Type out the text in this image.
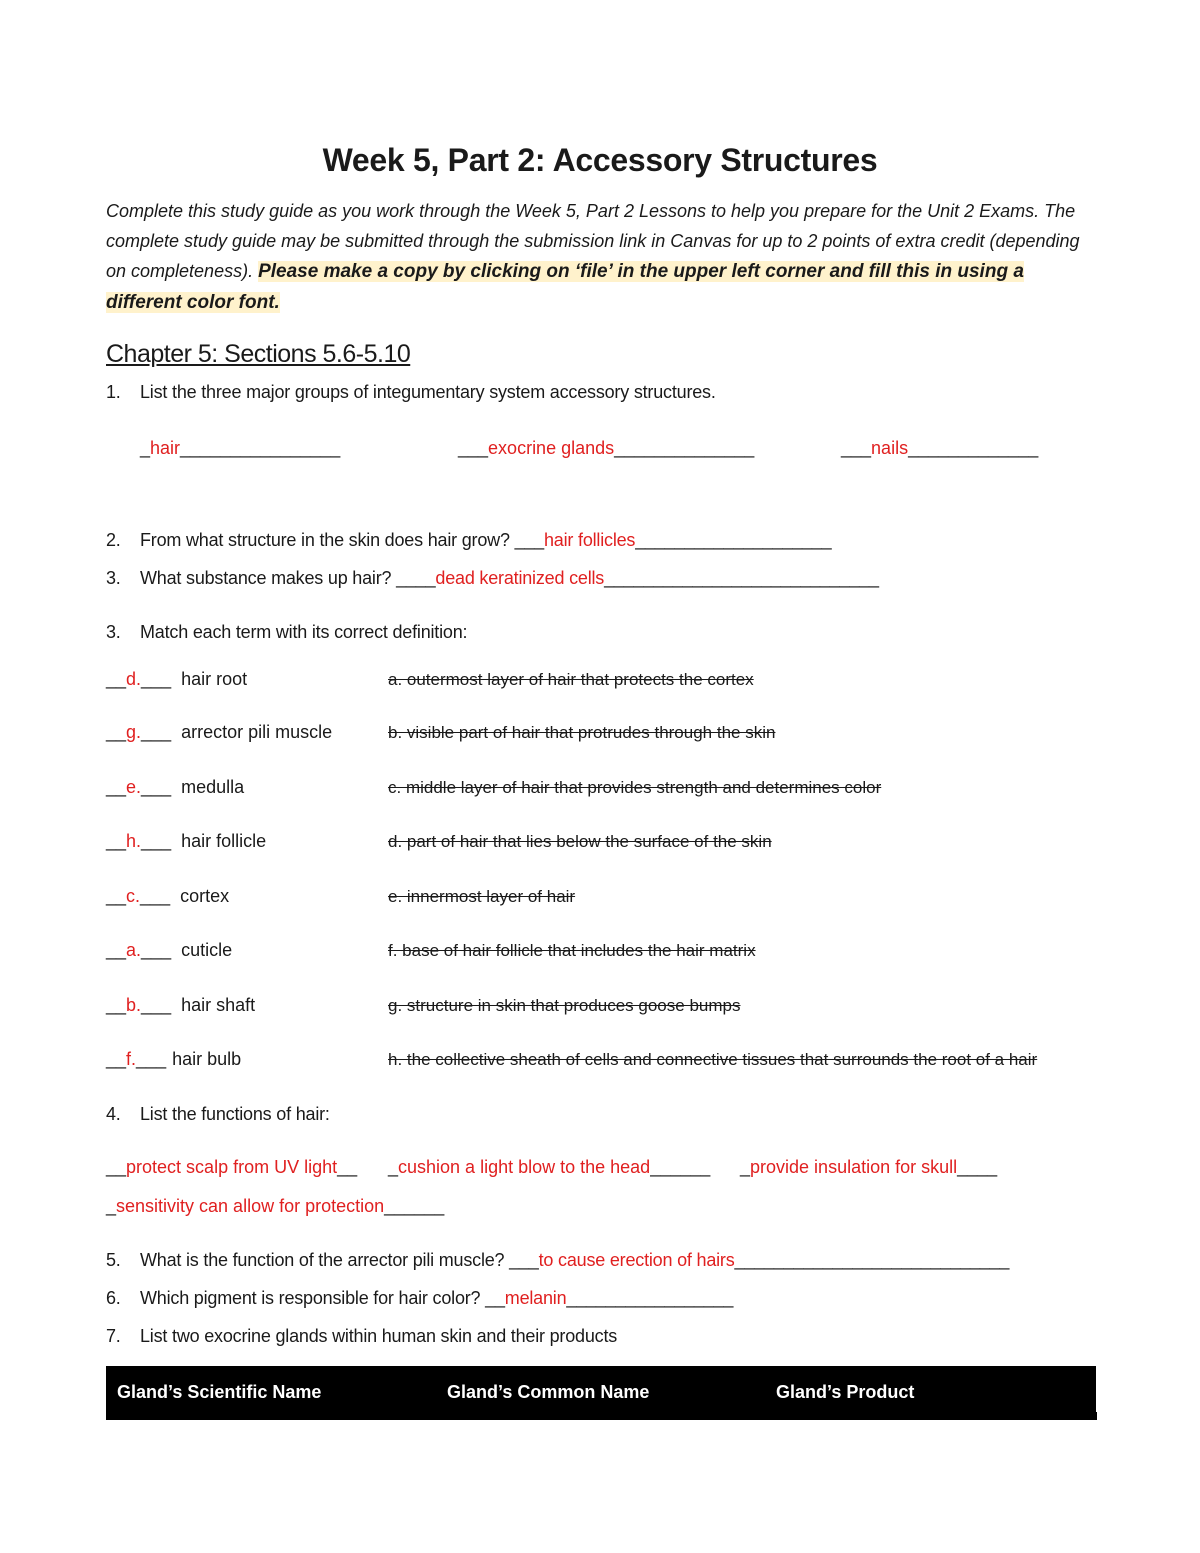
Week 5, Part 2: Accessory Structures
Complete this study guide as you work through the Week 5, Part 2 Lessons to help you prepare for the Unit 2 Exams. The complete study guide may be submitted through the submission link in Canvas for up to 2 points of extra credit (depending on completeness). Please make a copy by clicking on ‘file’ in the upper left corner and fill this in using a different color font.
Chapter 5: Sections 5.6-5.10
1. List the three major groups of integumentary system accessory structures.
_hair________________	___exocrine glands______________	___nails_____________
2. From what structure in the skin does hair grow? ___hair follicles____________________
3. What substance makes up hair? ____dead keratinized cells____________________________
3. Match each term with its correct definition:
__d.___ hair root	a. outermost layer of hair that protects the cortex
__g.___ arrector pili muscle	b. visible part of hair that protrudes through the skin
__e.___ medulla	c. middle layer of hair that provides strength and determines color
__h.___ hair follicle	d. part of hair that lies below the surface of the skin
__c.___ cortex	e. innermost layer of hair
__a.___ cuticle	f. base of hair follicle that includes the hair matrix
__b.___ hair shaft	g. structure in skin that produces goose bumps
__f.___ hair bulb	h. the collective sheath of cells and connective tissues that surrounds the root of a hair
4. List the functions of hair:
__protect scalp from UV light__ _cushion a light blow to the head______ _provide insulation for skull____
_sensitivity can allow for protection______
5. What is the function of the arrector pili muscle? ___to cause erection of hairs____________________________
6. Which pigment is responsible for hair color? __melanin_________________
7. List two exocrine glands within human skin and their products
Gland’s Scientific Name	Gland’s Common Name	Gland’s Product
